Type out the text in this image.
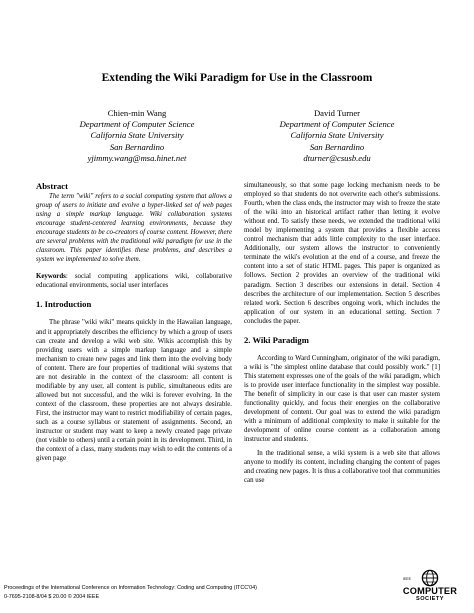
Extending the Wiki Paradigm for Use in the Classroom
Chien-min Wang
Department of Computer Science
California State University
San Bernardino
yjimmy.wang@msa.hinet.net
David Turner
Department of Computer Science
California State University
San Bernardino
dturner@csusb.edu

Abstract

The term "wiki" refers to a social computing system that allows a group of users to initiate and evolve a hyper-linked set of web pages using a simple markup language. Wiki collaboration systems encourage student-centered learning environments, because they encourage students to be co-creators of course content. However, there are several problems with the traditional wiki paradigm for use in the classroom. This paper identifies these problems, and describes a system we implemented to solve them.

Keywords: social computing applications wiki, collaborative educational environments, social user interfaces

1. Introduction

The phrase "wiki wiki" means quickly in the Hawaiian language, and it appropriately describes the efficiency by which a group of users can create and develop a wiki web site. Wikis accomplish this by providing users with a simple markup language and a simple mechanism to create new pages and link them into the evolving body of content. There are four properties of traditional wiki systems that are not desirable in the context of the classroom: all content is modifiable by any user, all content is public, simultaneous edits are allowed but not successful, and the wiki is forever evolving. In the context of the classroom, these properties are not always desirable. First, the instructor may want to restrict modifiability of certain pages, such as a course syllabus or statement of assignments. Second, an instructor or student may want to keep a newly created page private (not visible to others) until a certain point in its development. Third, in the context of a class, many students may wish to edit the contents of a given page

simultaneously, so that some page locking mechanism needs to be employed so that students do not overwrite each other's submissions. Fourth, when the class ends, the instructor may wish to freeze the state of the wiki into an historical artifact rather than letting it evolve without end. To satisfy these needs, we extended the traditional wiki model by implementing a system that provides a flexible access control mechanism that adds little complexity to the user interface. Additionally, our system allows the instructor to conveniently terminate the wiki's evolution at the end of a course, and freeze the content into a set of static HTML pages. This paper is organized as follows. Section 2 provides an overview of the traditional wiki paradigm. Section 3 describes our extensions in detail. Section 4 describes the architecture of our implementation. Section 5 describes related work. Section 6 describes ongoing work, which includes the application of our system in an educational setting. Section 7 concludes the paper.

2. Wiki Paradigm

According to Ward Cunningham, originator of the wiki paradigm, a wiki is "the simplest online database that could possibly work." [1] This statement expresses one of the goals of the wiki paradigm, which is to provide user interface functionality in the simplest way possible. The benefit of simplicity in our case is that user can master system functionality quickly, and focus their energies on the collaborative development of content. Our goal was to extend the wiki paradigm with a minimum of additional complexity to make it suitable for the development of online course content as a collaboration among instructor and students.

In the traditional sense, a wiki system is a web site that allows anyone to modify its content, including changing the content of pages and creating new pages. It is thus a collaborative tool that communities can use

Proceedings of the International Conference on Information Technology: Coding and Computing (ITCC'04)
0-7695-2108-8/04 $ 20.00 © 2004 IEEE
IEEE
COMPUTER
SOCIETY
